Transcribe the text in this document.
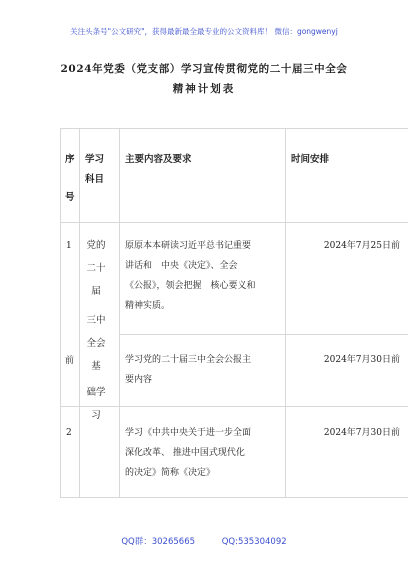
关注头条号"公文研究"，获得最新最全最专业的公文资料库！ 微信：gongwenyj
2024年党委（党支部）学习宣传贯彻党的二十届三中全会
精神计划表
序
号
学习
科目
主要内容及要求	时间安排
1
前
2
党的
二十
届
三中
全会
基
础学
习
原原本本研读习近平总书记重要
讲话和　中央《决定》、全会
《公报》，领会把握　核心要义和
精神实质。
2024年7月25日前
学习党的二十届三中全会公报主
要内容
2024年7月30日前
学习《中共中央关于进一步全面
深化改革、 推进中国式现代化
的决定》简称《决定》
2024年7月30日前
QQ群：30265665	QQ:535304092
